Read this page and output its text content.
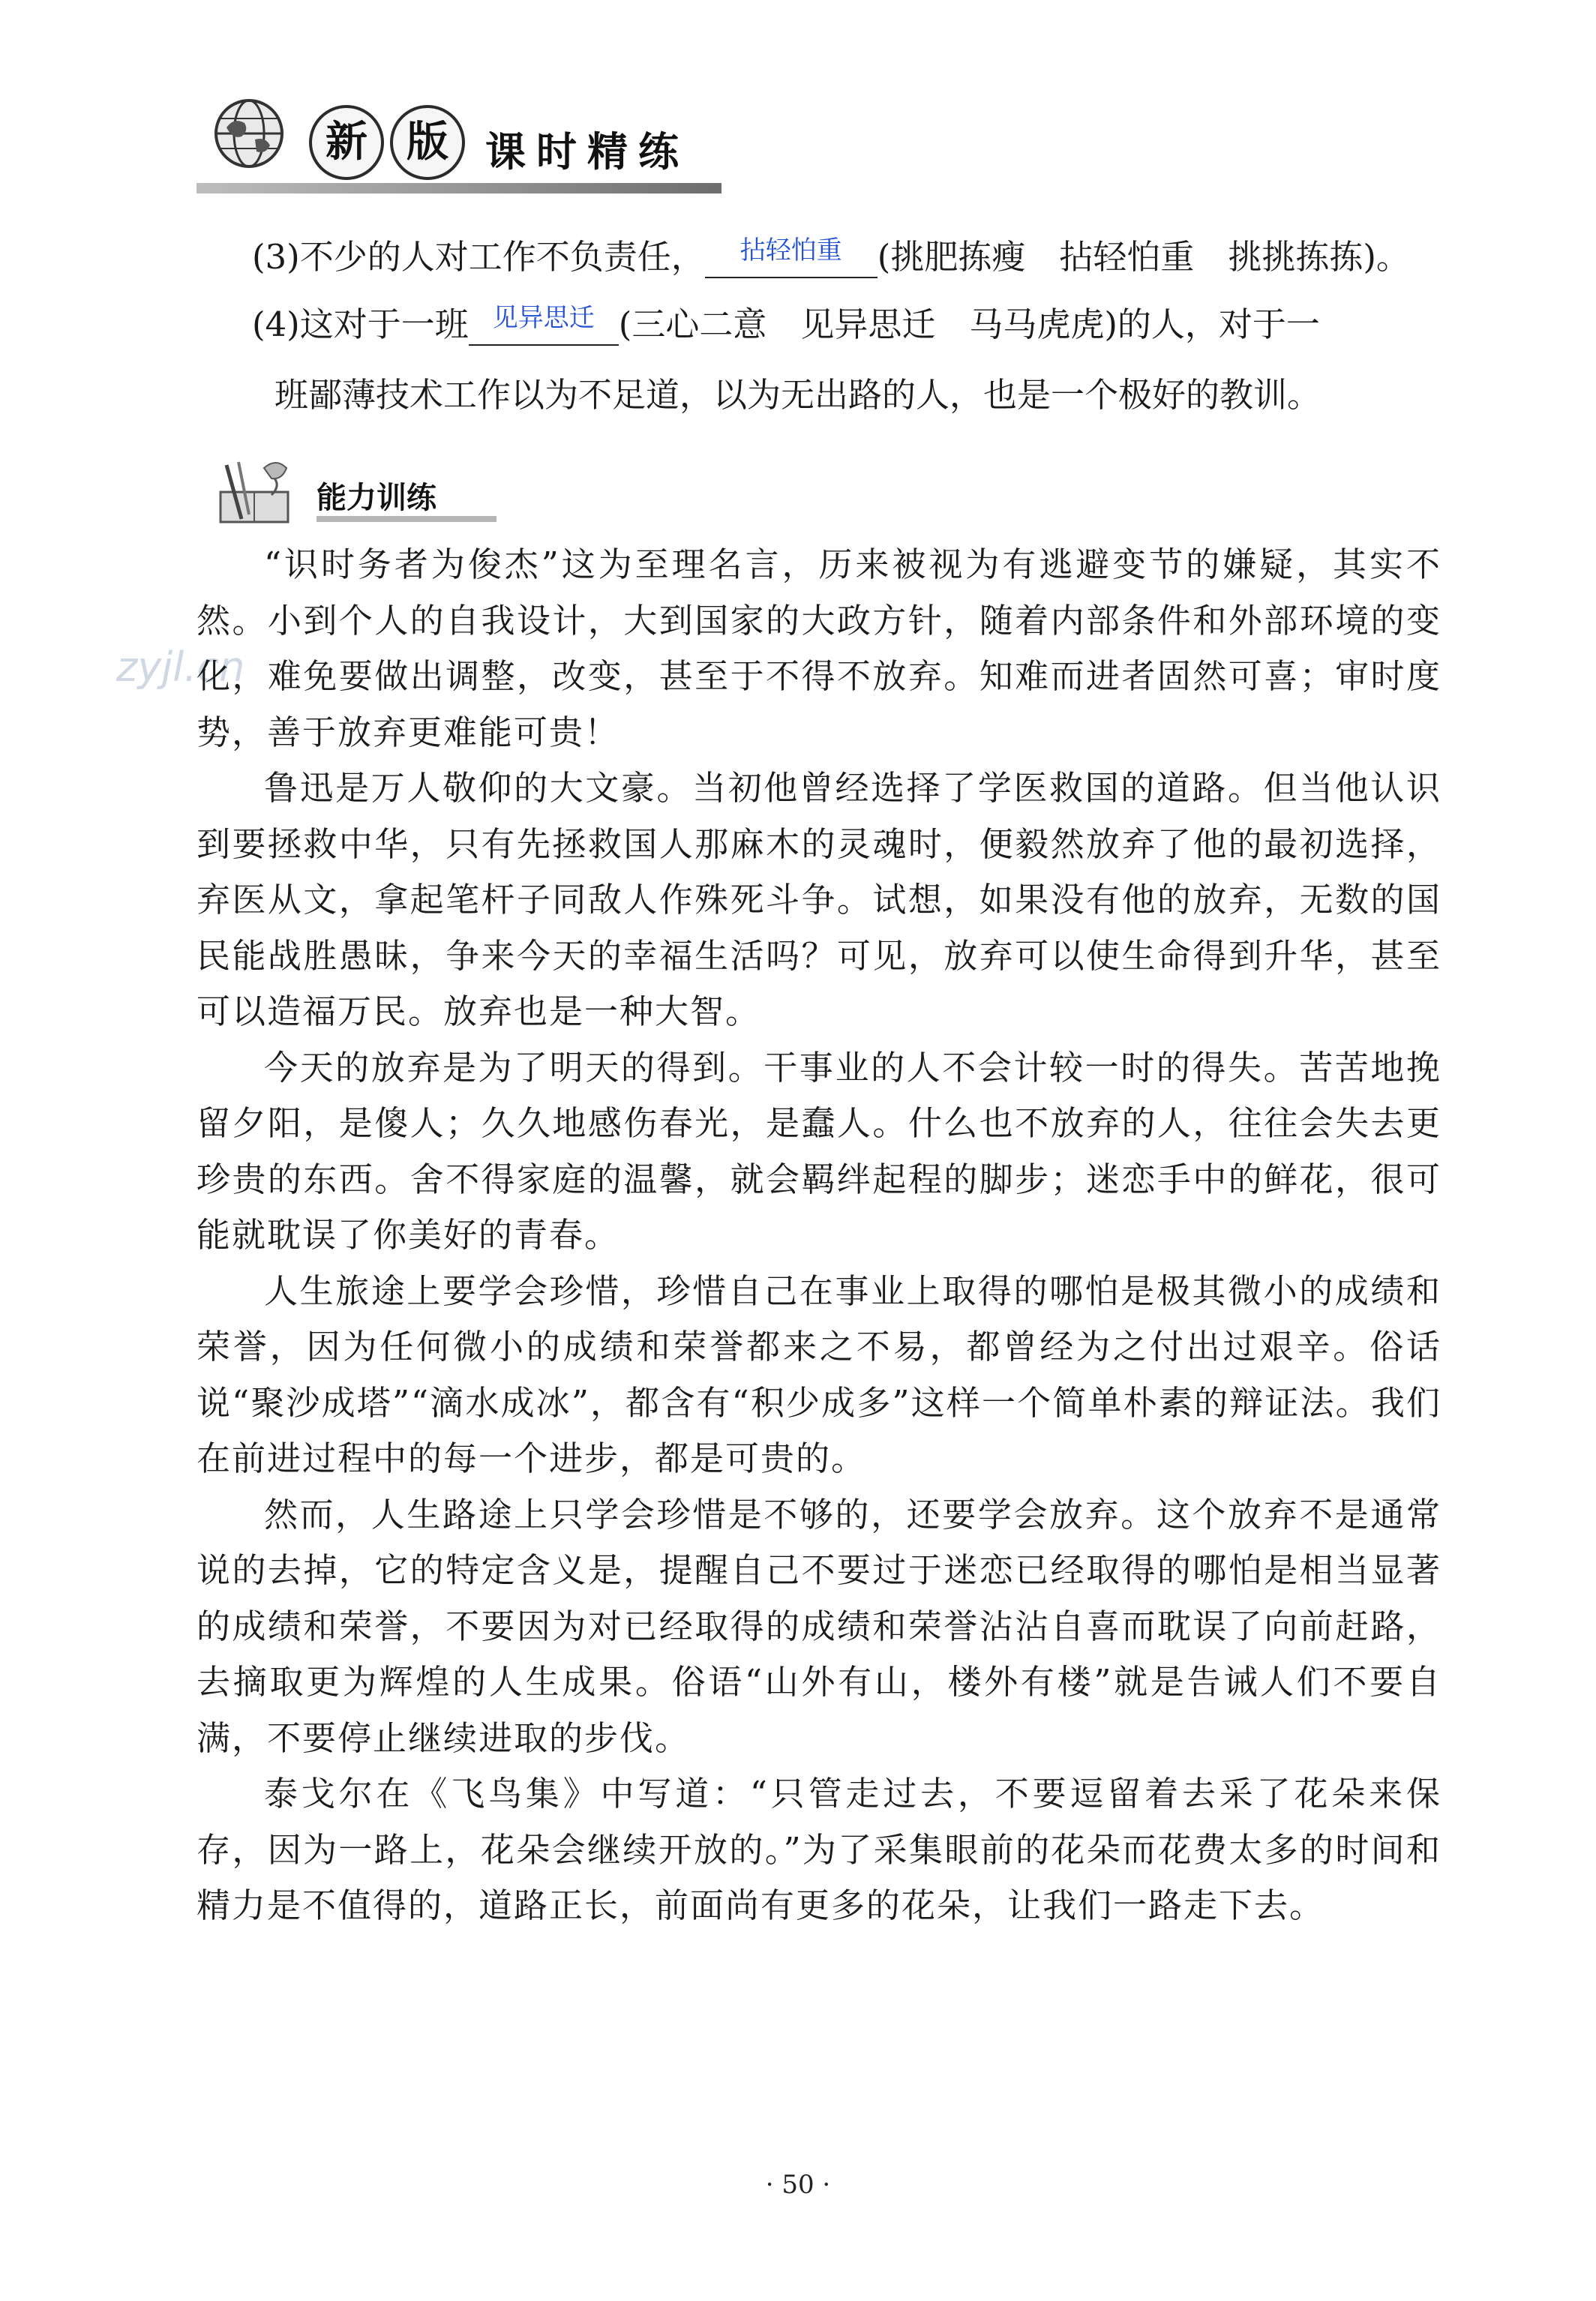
新 版 课时精练
(3)不少的人对工作不负责任， $^{拈轻怕重}$ (挑肥拣瘦　拈轻怕重　挑挑拣拣)。
(4)这对于一班 $^{见异思迁}$ (三心二意　见异思迁　马马虎虎)的人，对于一
班鄙薄技术工作以为不足道，以为无出路的人，也是一个极好的教训。
能力训练
zyjl.cn

“识时务者为俊杰”这为至理名言，历来被视为有逃避变节的嫌疑，其实不然。小到个人的自我设计，大到国家的大政方针，随着内部条件和外部环境的变化，难免要做出调整，改变，甚至于不得不放弃。知难而进者固然可喜；审时度势，善于放弃更难能可贵！

鲁迅是万人敬仰的大文豪。当初他曾经选择了学医救国的道路。但当他认识到要拯救中华，只有先拯救国人那麻木的灵魂时，便毅然放弃了他的最初选择，弃医从文，拿起笔杆子同敌人作殊死斗争。试想，如果没有他的放弃，无数的国民能战胜愚昧，争来今天的幸福生活吗？可见，放弃可以使生命得到升华，甚至可以造福万民。放弃也是一种大智。

今天的放弃是为了明天的得到。干事业的人不会计较一时的得失。苦苦地挽留夕阳，是傻人；久久地感伤春光，是蠢人。什么也不放弃的人，往往会失去更珍贵的东西。舍不得家庭的温馨，就会羁绊起程的脚步；迷恋手中的鲜花，很可能就耽误了你美好的青春。

人生旅途上要学会珍惜，珍惜自己在事业上取得的哪怕是极其微小的成绩和荣誉，因为任何微小的成绩和荣誉都来之不易，都曾经为之付出过艰辛。俗话说“聚沙成塔”“滴水成冰”，都含有“积少成多”这样一个简单朴素的辩证法。我们在前进过程中的每一个进步，都是可贵的。

然而，人生路途上只学会珍惜是不够的，还要学会放弃。这个放弃不是通常说的去掉，它的特定含义是，提醒自己不要过于迷恋已经取得的哪怕是相当显著的成绩和荣誉，不要因为对已经取得的成绩和荣誉沾沾自喜而耽误了向前赶路，去摘取更为辉煌的人生成果。俗语“山外有山，楼外有楼”就是告诫人们不要自满，不要停止继续进取的步伐。

泰戈尔在《飞鸟集》中写道：“只管走过去，不要逗留着去采了花朵来保存，因为一路上，花朵会继续开放的。”为了采集眼前的花朵而花费太多的时间和精力是不值得的，道路正长，前面尚有更多的花朵，让我们一路走下去。

· 50 ·
